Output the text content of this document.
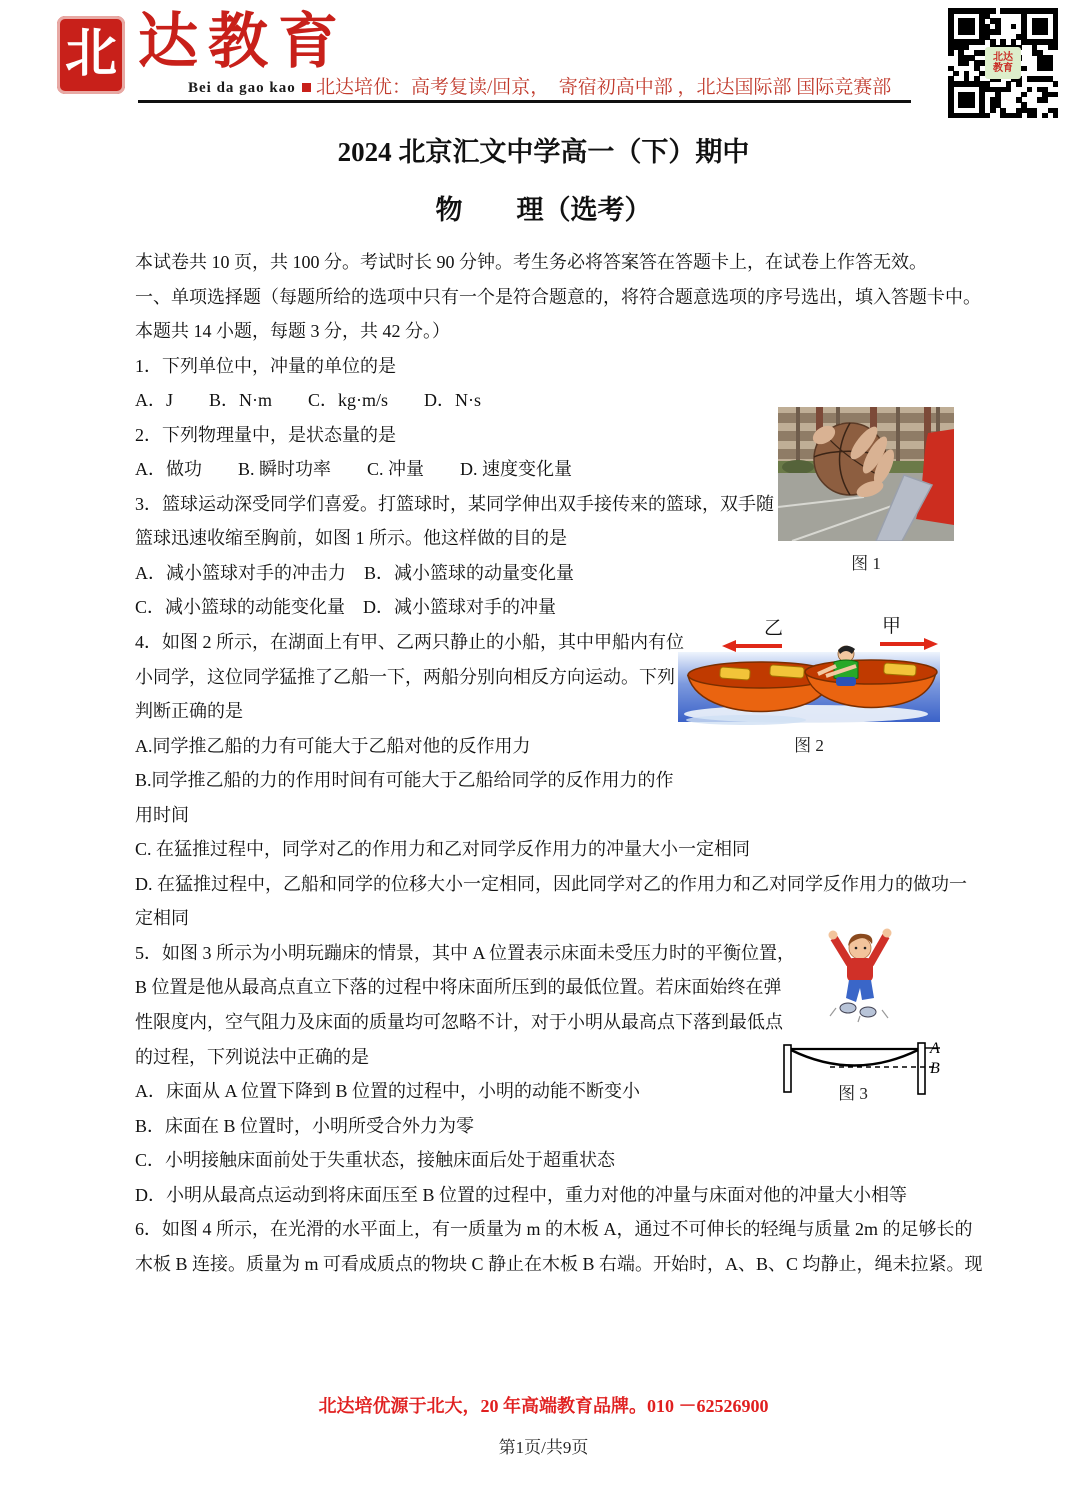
北 达教育
Bei da gao kao	北达培优：高考复读/回京，  寄宿初高中部 ，北达国际部 国际竞赛部
北达
教育
2024 北京汇文中学高一（下）期中
物　　理（选考）
本试卷共 10 页，共 100 分。考试时长 90 分钟。考生务必将答案答在答题卡上，在试卷上作答无效。
一、单项选择题（每题所给的选项中只有一个是符合题意的，将符合题意选项的序号选出，填入答题卡中。
本题共 14 小题，每题 3 分，共 42 分。）
1．下列单位中，冲量的单位的是
A．J　　B．N·m　　C．kg·m/s　　D．N·s
2．下列物理量中，是状态量的是
A．做功　　B. 瞬时功率　　C. 冲量　　D. 速度变化量
3．篮球运动深受同学们喜爱。打篮球时，某同学伸出双手接传来的篮球，双手随
篮球迅速收缩至胸前，如图 1 所示。他这样做的目的是
A．减小篮球对手的冲击力　B．减小篮球的动量变化量
C．减小篮球的动能变化量　D．减小篮球对手的冲量
4．如图 2 所示，在湖面上有甲、乙两只静止的小船，其中甲船内有位
小同学，这位同学猛推了乙船一下，两船分别向相反方向运动。下列
判断正确的是
A.同学推乙船的力有可能大于乙船对他的反作用力
B.同学推乙船的力的作用时间有可能大于乙船给同学的反作用力的作
用时间
C. 在猛推过程中，同学对乙的作用力和乙对同学反作用力的冲量大小一定相同
D. 在猛推过程中，乙船和同学的位移大小一定相同，因此同学对乙的作用力和乙对同学反作用力的做功一
定相同
5．如图 3 所示为小明玩蹦床的情景，其中 A 位置表示床面未受压力时的平衡位置，
B 位置是他从最高点直立下落的过程中将床面所压到的最低位置。若床面始终在弹
性限度内，空气阻力及床面的质量均可忽略不计，对于小明从最高点下落到最低点
的过程，下列说法中正确的是
A．床面从 A 位置下降到 B 位置的过程中，小明的动能不断变小
B．床面在 B 位置时，小明所受合外力为零
C．小明接触床面前处于失重状态，接触床面后处于超重状态
D．小明从最高点运动到将床面压至 B 位置的过程中，重力对他的冲量与床面对他的冲量大小相等
6．如图 4 所示，在光滑的水平面上，有一质量为 m 的木板 A，通过不可伸长的轻绳与质量 2m 的足够长的
木板 B 连接。质量为 m 可看成质点的物块 C 静止在木板 B 右端。开始时，A、B、C 均静止，绳未拉紧。现
图 1
乙	甲
图 2
A
B
图 3
北达培优源于北大，20 年高端教育品牌。010 －62526900
第1页/共9页
